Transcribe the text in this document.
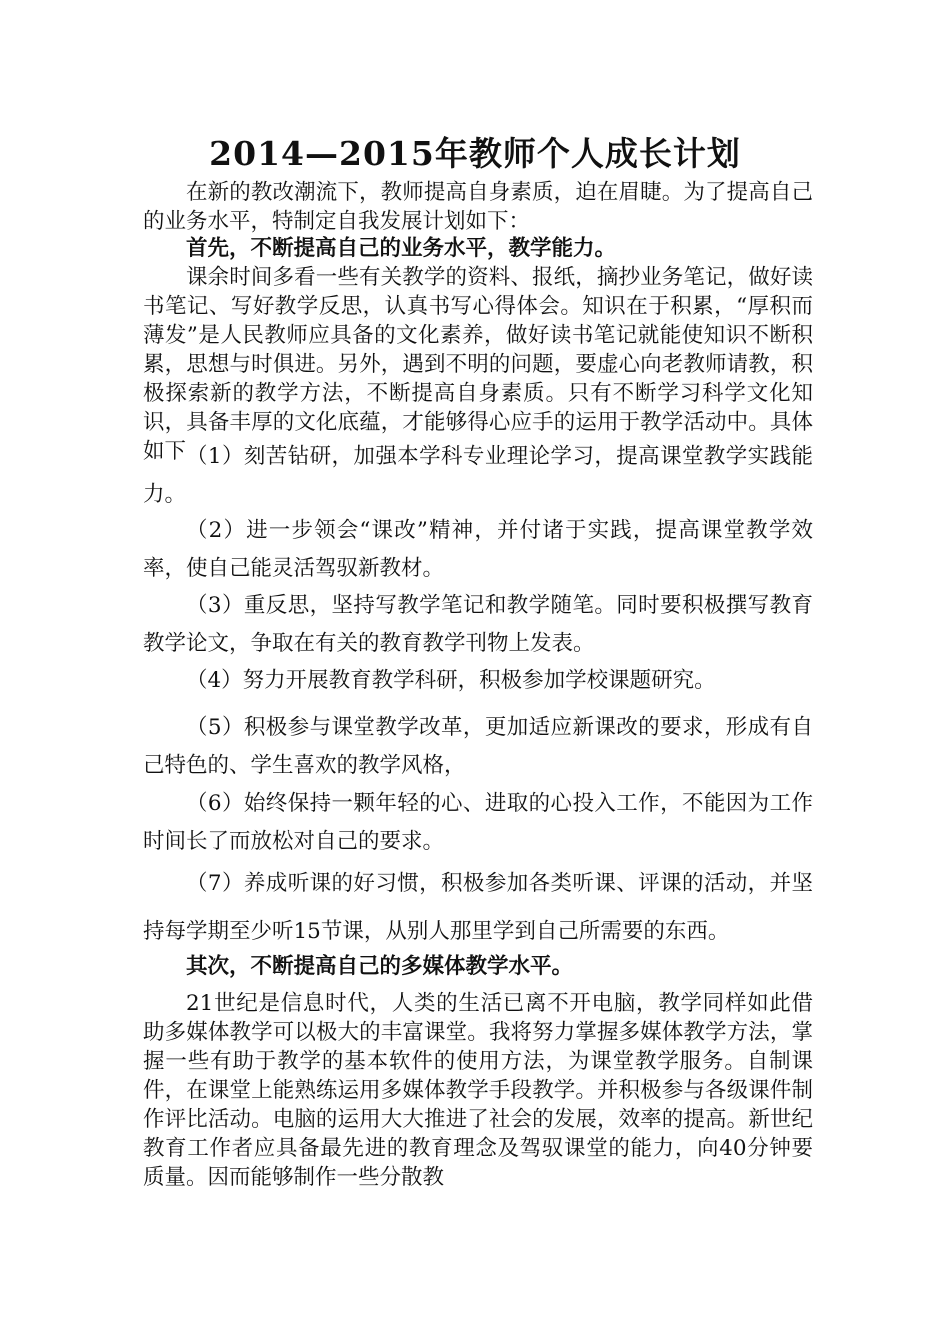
2014—2015年教师个人成长计划
在新的教改潮流下，教师提高自身素质，迫在眉睫。为了提高自己的业务水平，特制定自我发展计划如下：
首先，不断提高自己的业务水平，教学能力。
课余时间多看一些有关教学的资料、报纸，摘抄业务笔记，做好读书笔记、写好教学反思，认真书写心得体会。知识在于积累，“厚积而薄发”是人民教师应具备的文化素养，做好读书笔记就能使知识不断积累，思想与时俱进。另外，遇到不明的问题，要虚心向老教师请教，积极探索新的教学方法，不断提高自身素质。只有不断学习科学文化知识，具备丰厚的文化底蕴，才能够得心应手的运用于教学活动中。具体如下 （1）刻苦钻研，加强本学科专业理论学习，提高课堂教学实践能力。
（2）进一步领会“课改”精神，并付诸于实践，提高课堂教学效率，使自己能灵活驾驭新教材。
（3）重反思，坚持写教学笔记和教学随笔。同时要积极撰写教育教学论文，争取在有关的教育教学刊物上发表。
（4）努力开展教育教学科研，积极参加学校课题研究。
（5）积极参与课堂教学改革，更加适应新课改的要求，形成有自己特色的、学生喜欢的教学风格，
（6）始终保持一颗年轻的心、进取的心投入工作，不能因为工作时间长了而放松对自己的要求。
（7）养成听课的好习惯，积极参加各类听课、评课的活动，并坚持每学期至少听15节课，从别人那里学到自己所需要的东西。
其次，不断提高自己的多媒体教学水平。
21世纪是信息时代，人类的生活已离不开电脑，教学同样如此借助多媒体教学可以极大的丰富课堂。我将努力掌握多媒体教学方法，掌握一些有助于教学的基本软件的使用方法，为课堂教学服务。自制课件，在课堂上能熟练运用多媒体教学手段教学。并积极参与各级课件制作评比活动。电脑的运用大大推进了社会的发展，效率的提高。新世纪教育工作者应具备最先进的教育理念及驾驭课堂的能力，向40分钟要质量。因而能够制作一些分散教
